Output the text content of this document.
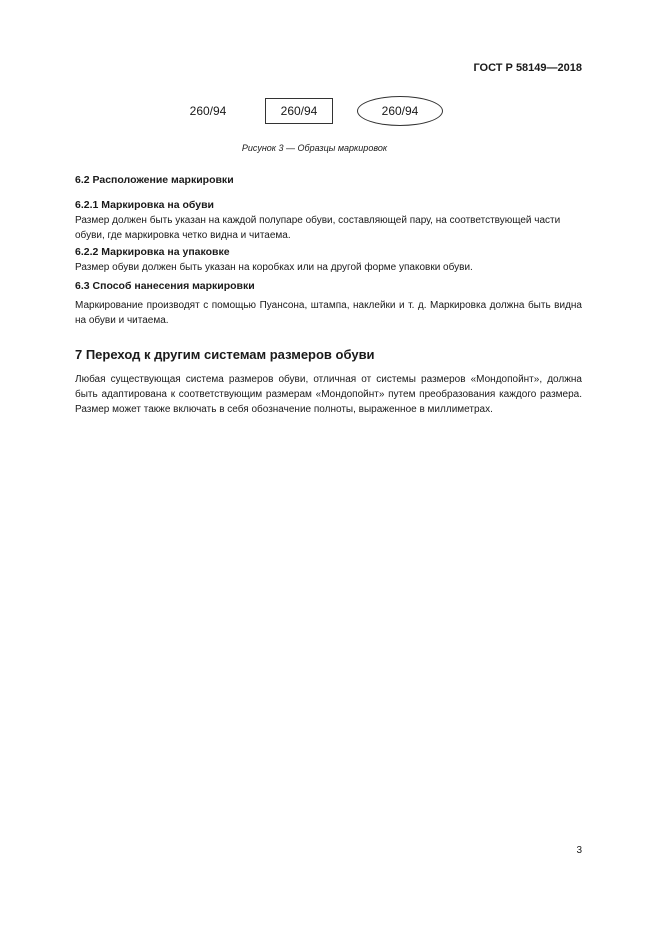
ГОСТ Р 58149—2018
260/94	260/94	260/94
Рисунок 3 — Образцы маркировок

6.2 Расположение маркировки

6.2.1 Маркировка на обуви

Размер должен быть указан на каждой полупаре обуви, составляющей пару, на соответствующей части обуви, где маркировка четко видна и читаема.

6.2.2 Маркировка на упаковке

Размер обуви должен быть указан на коробках или на другой форме упаковки обуви.

6.3 Способ нанесения маркировки

Маркирование производят с помощью Пуансона, штампа, наклейки и т. д. Маркировка должна быть видна на обуви и читаема.

7 Переход к другим системам размеров обуви

Любая существующая система размеров обуви, отличная от системы размеров «Мондопойнт», должна быть адаптирована к соответствующим размерам «Мондопойнт» путем преобразования каждого размера. Размер может также включать в себя обозначение полноты, выраженное в миллиметрах.

3
